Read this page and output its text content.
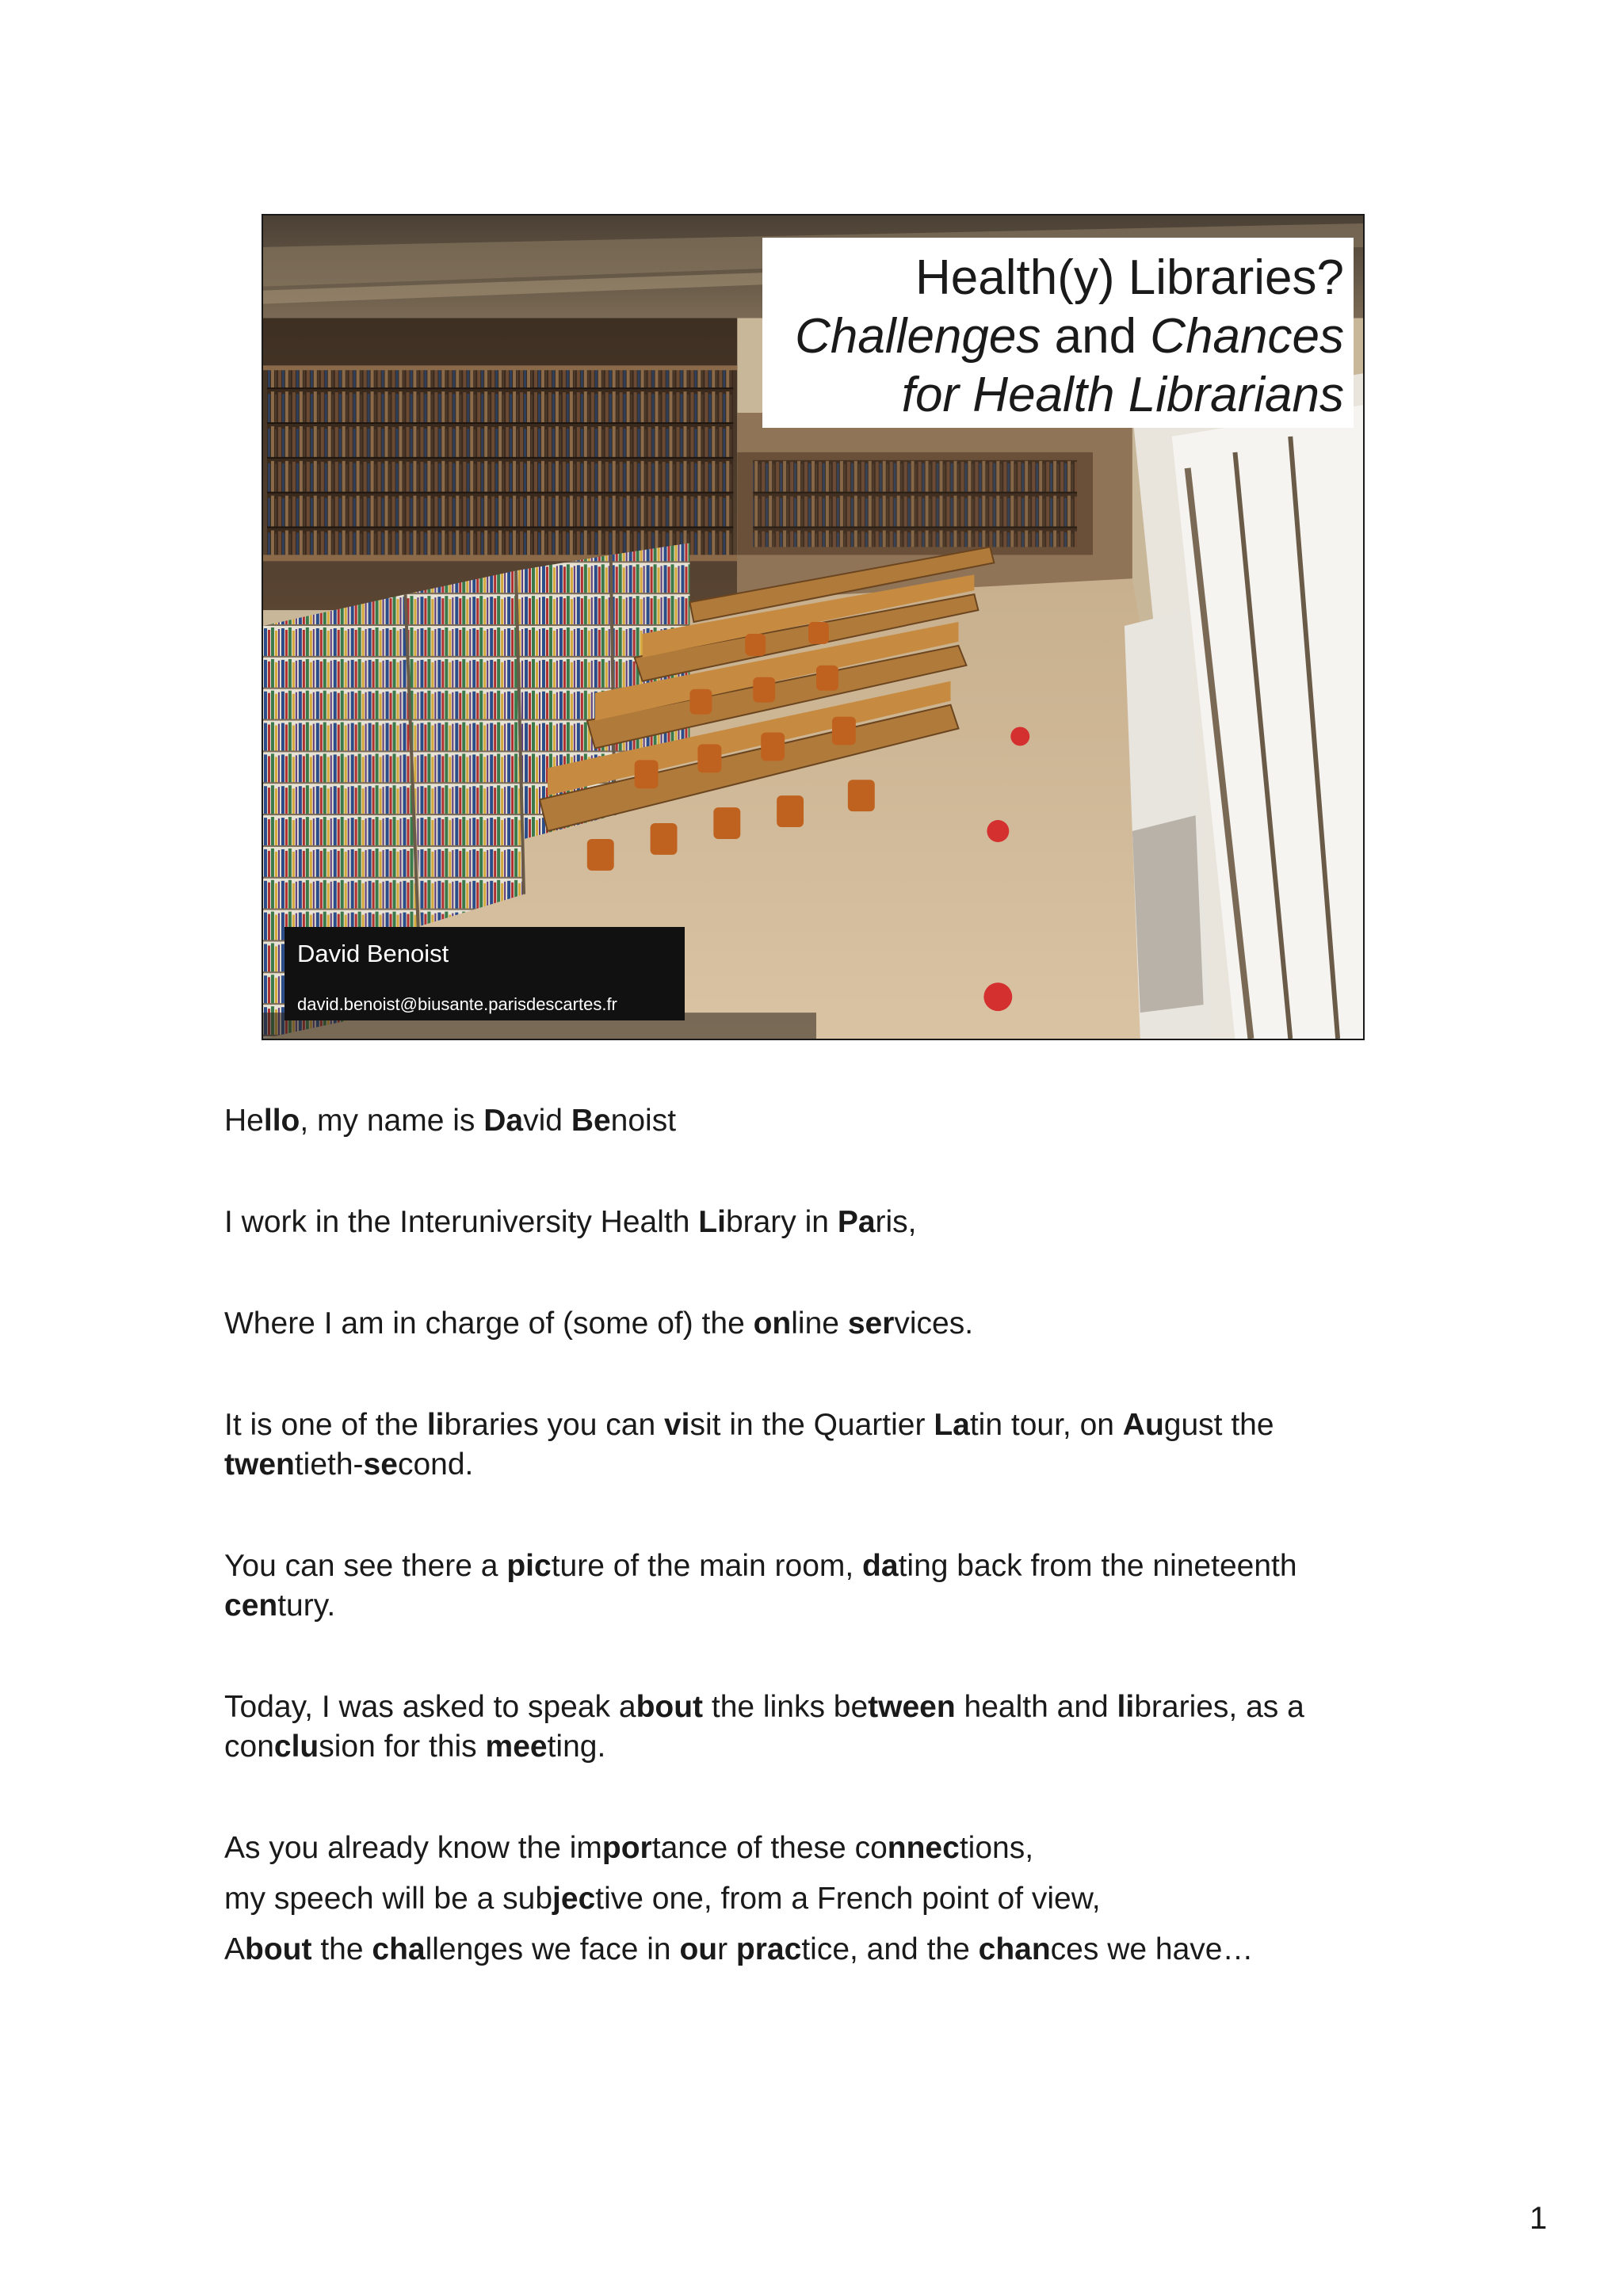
Health(y) Libraries?
Challenges and Chances
for Health Librarians
David Benoist
david.benoist@biusante.parisdescartes.fr

Hello, my name is David Benoist

I work in the Interuniversity Health Library in Paris,

Where I am in charge of (some of) the online services.

It is one of the libraries you can visit in the Quartier Latin tour, on August the twentieth-second.

You can see there a picture of the main room, dating back from the nineteenth century.

Today, I was asked to speak about the links between health and libraries, as a conclusion for this meeting.

As you already know the importance of these connections,

my speech will be a subjective one, from a French point of view,

About the challenges we face in our practice, and the chances we have…

1
